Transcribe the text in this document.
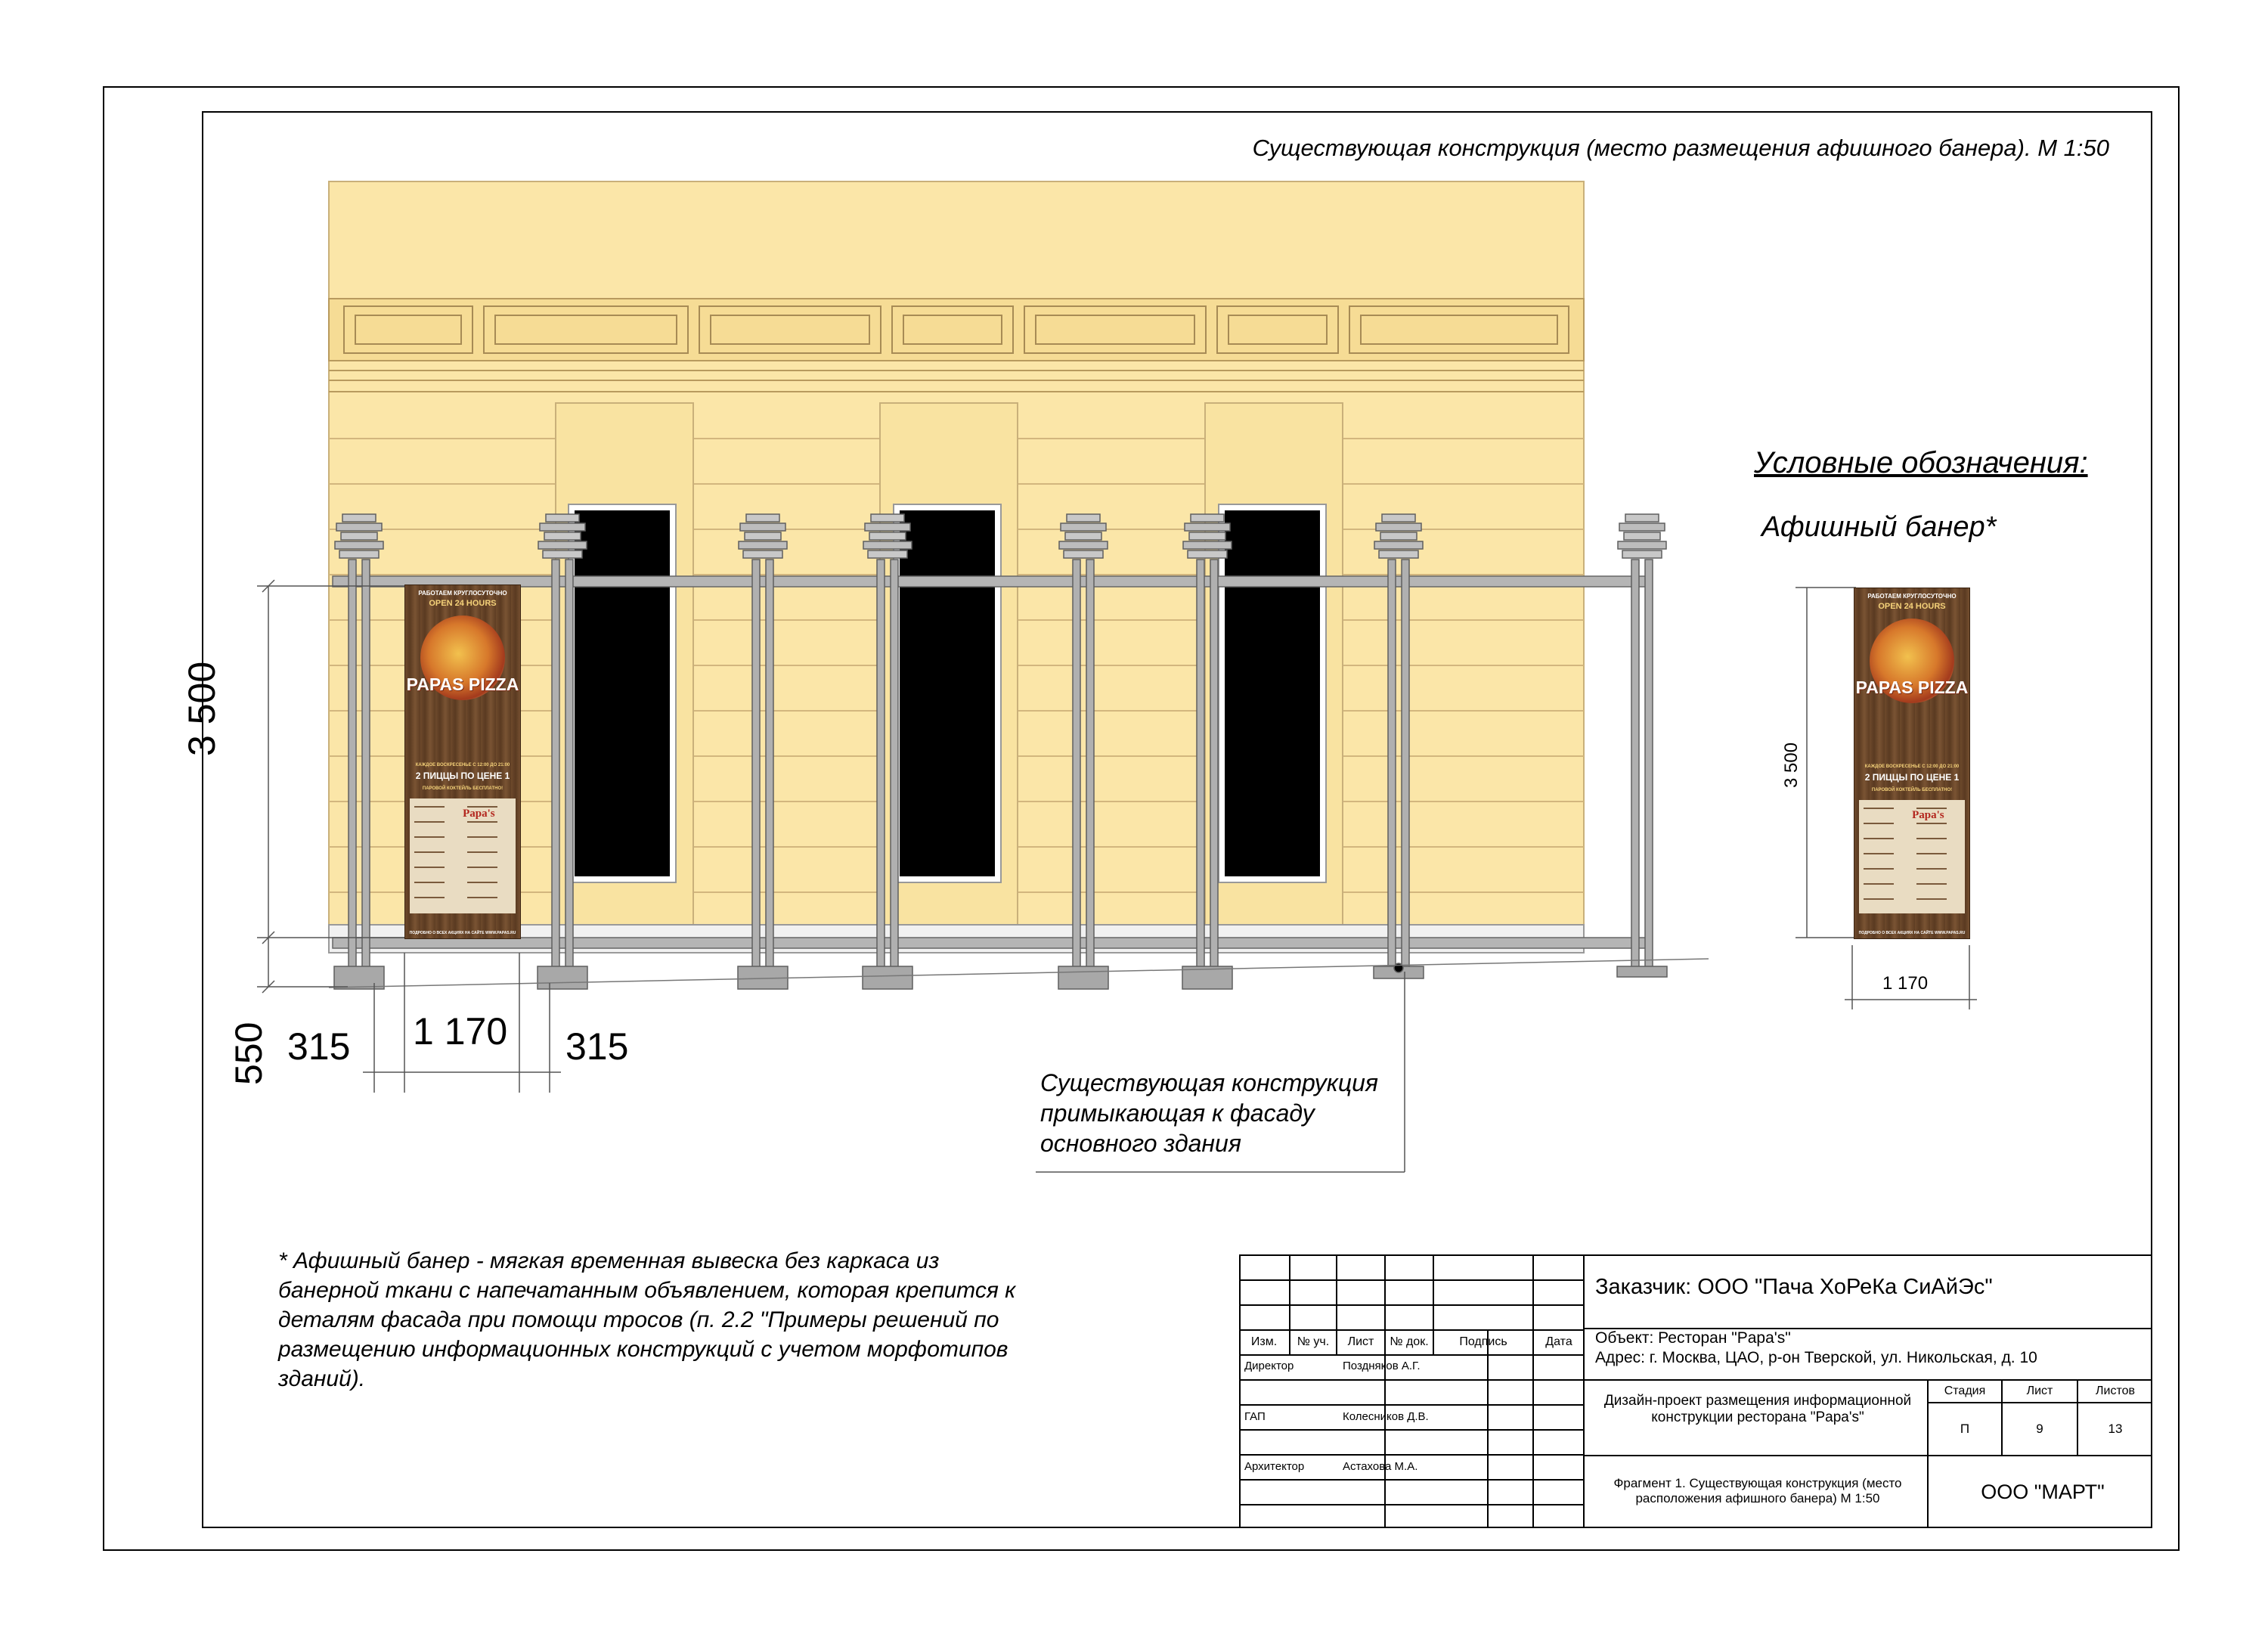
Существующая конструкция (место размещения афишного банера). М 1:50
РАБОТАЕМ КРУГЛОСУТОЧНО
OPEN 24 HOURS
PAPAS PIZZA
КАЖДОЕ ВОСКРЕСЕНЬЕ С 12:00 ДО 21:00
2 ПИЦЦЫ ПО ЦЕНЕ 1
ПАРОВОЙ КОКТЕЙЛЬ БЕСПЛАТНО!
Papa's
ПОДРОБНО О ВСЕХ АКЦИЯХ НА САЙТЕ WWW.PAPAS.RU
РАБОТАЕМ КРУГЛОСУТОЧНО
OPEN 24 HOURS
PAPAS PIZZA
КАЖДОЕ ВОСКРЕСЕНЬЕ С 12:00 ДО 21:00
2 ПИЦЦЫ ПО ЦЕНЕ 1
ПАРОВОЙ КОКТЕЙЛЬ БЕСПЛАТНО!
Papa's
ПОДРОБНО О ВСЕХ АКЦИЯХ НА САЙТЕ WWW.PAPAS.RU
3 500
550 315 1 170 315
Условные обозначения:
Афишный банер*
3 500
1 170
Существующая конструкция примыкающая к фасаду основного здания
* Афишный банер - мягкая временная вывеска без каркаса из банерной ткани с напечатанным объявлением, которая крепится к деталям фасада при помощи тросов (п. 2.2 "Примеры решений по размещению информационных конструкций с учетом морфотипов зданий).
Изм.	№ уч.	Лист	№ док.	Подпись	Дата
Директор	Поздняков А.Г.
ГАП	Колесников Д.В.
Архитектор	Астахова М.А.
Заказчик: ООО "Пача ХоРеКа СиАйЭс"
Объект: Ресторан "Papa's"
Адрес: г. Москва, ЦАО, р-он Тверской, ул. Никольская, д. 10
Дизайн-проект размещения информационной конструкции ресторана "Papa's"
Стадия	Лист	Листов
П	9	13
Фрагмент 1. Существующая конструкция (место расположения афишного банера) М 1:50	ООО "МАРТ"
